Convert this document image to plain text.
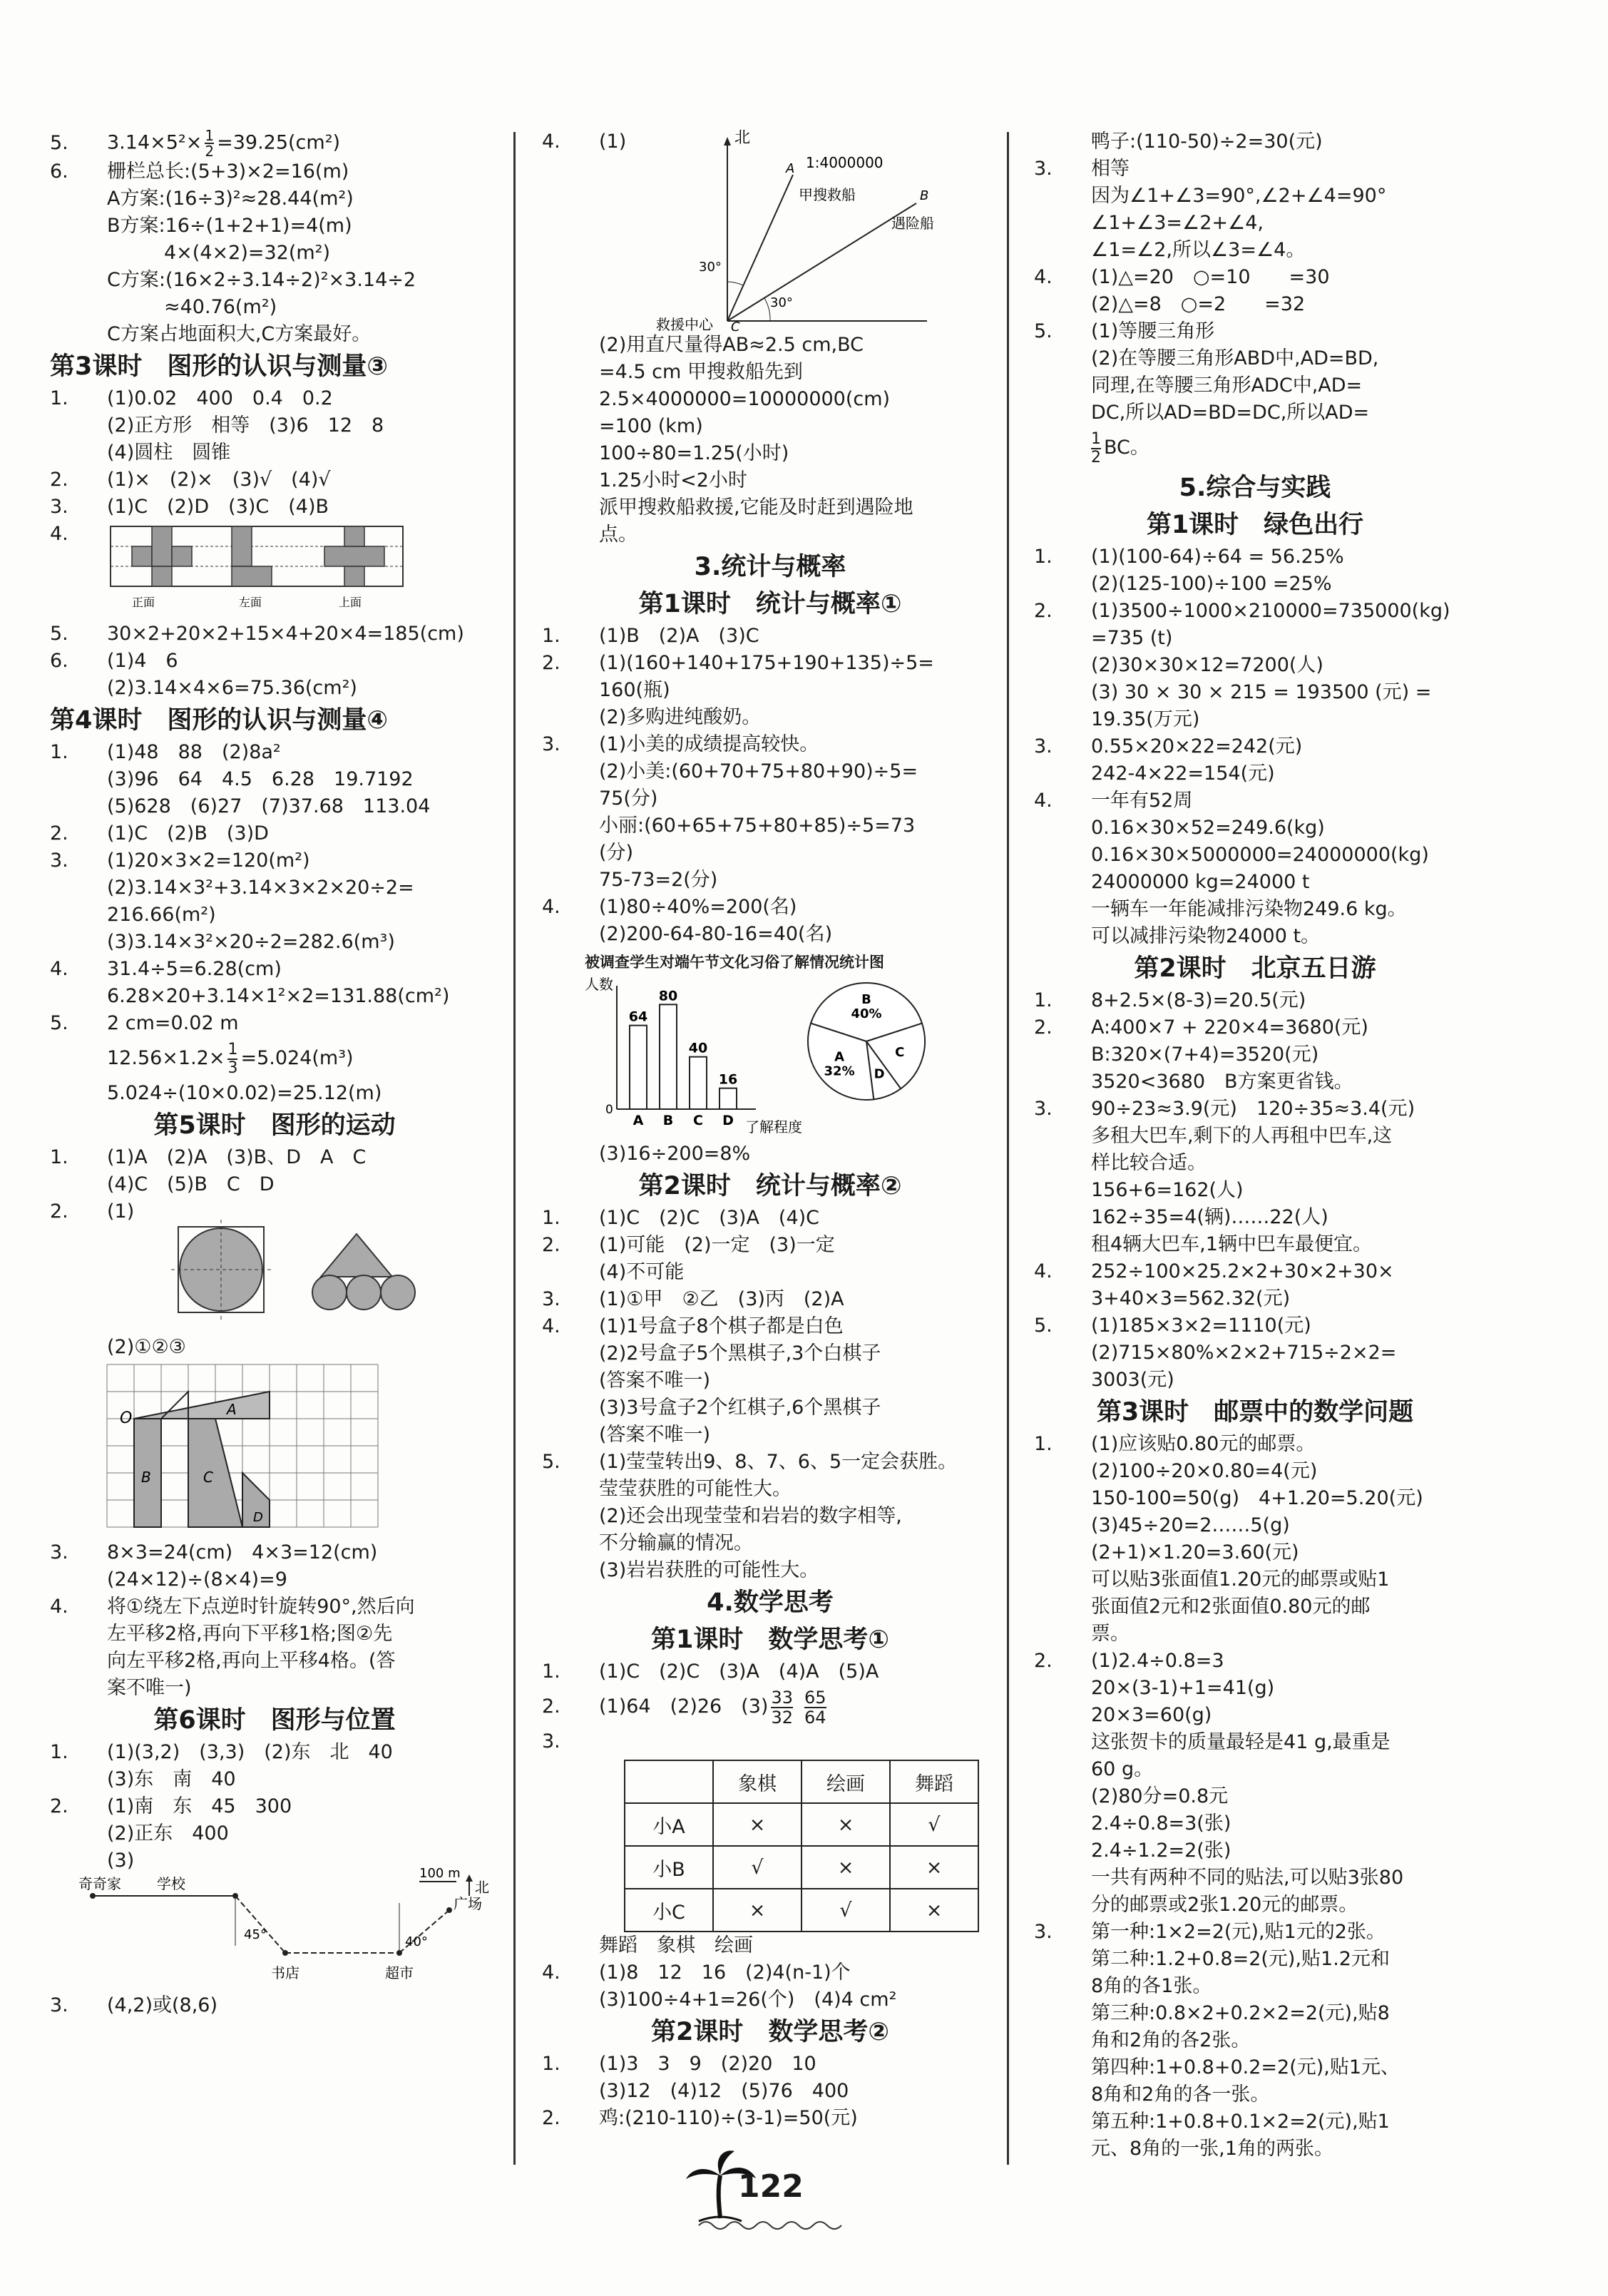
5. $3.14\times 5^2\times \frac{1}{2} =39.25(cm^2)$
6. 栅栏总长:(5+3)×2=16(m)
A方案:(16÷3)²≈28.44(m²)
B方案:16÷(1+2+1)=4(m)
4×(4×2)=32(m²)
C方案:(16×2÷3.14÷2)²×3.14÷2
≈40.76(m²)
C方案占地面积大,C方案最好。
第3课时　图形的认识与测量③
1. (1)0.02　400　0.4　0.2
(2)正方形　相等　(3)6　12　8
(4)圆柱　圆锥
2. (1)×　(2)×　(3)√　(4)√
3. (1)C　(2)D　(3)C　(4)B
4.
正面	左面	上面
5. 30×2+20×2+15×4+20×4=185(cm)
6. (1)4　6
(2)3.14×4×6=75.36(cm²)
第4课时　图形的认识与测量④
1. (1)48　88　(2)8a²
(3)96　64　4.5　6.28　19.7192
(5)628　(6)27　(7)37.68　113.04
2. (1)C　(2)B　(3)D
3. (1)20×3×2=120(m²)
(2)3.14×3²+3.14×3×2×20÷2=
216.66(m²)
(3)3.14×3²×20÷2=282.6(m³)
4. 31.4÷5=6.28(cm)
6.28×20+3.14×1²×2=131.88(cm²)
5. 2 cm=0.02 m
$12.56\times 1.2\times \frac{1}{3} =5.024(m^3)$
5.024÷(10×0.02)=25.12(m)
第5课时　图形的运动
1. (1)A　(2)A　(3)B、D　A　C
(4)C　(5)B　C　D
2. (1)
(2)①②③
O	A
B	C
D
3. 8×3=24(cm)　4×3=12(cm)
(24×12)÷(8×4)=9
4. 将①绕左下点逆时针旋转90°,然后向
左平移2格,再向下平移1格;图②先
向左平移2格,再向上平移4格。(答
案不唯一)
第6课时　图形与位置
1. (1)(3,2)　(3,3)　(2)东　北　40
(3)东　南　40
2. (1)南　东　45　300
(2)正东　400
(3)
奇奇家	学校
100 m
北
广场
45°	40°
书店	超市
3. (4,2)或(8,6)
4. (1)	北
1:4000000
A
B
C
甲搜救船
遇险船
30°
30°
救援中心
(2)用直尺量得AB≈2.5 cm,BC
=4.5 cm 甲搜救船先到
2.5×4000000=10000000(cm)
=100 (km)
100÷80=1.25(小时)
1.25小时<2小时
派甲搜救船救援,它能及时赶到遇险地
点。
3.统计与概率
第1课时　统计与概率①
1. (1)B　(2)A　(3)C
2. (1)(160+140+175+190+135)÷5=
160(瓶)
(2)多购进纯酸奶。
3. (1)小美的成绩提高较快。
(2)小美:(60+70+75+80+90)÷5=
75(分)
小丽:(60+65+75+80+85)÷5=73
(分)
75-73=2(分)
4. (1)80÷40%=200(名)
(2)200-64-80-16=40(名)
被调查学生对端午节文化习俗了解情况统计图
人数
了解程度
64
A
80
B
40
C
16
D
0
B
40%
C
D
A
32%
(3)16÷200=8%
第2课时　统计与概率②
1. (1)C　(2)C　(3)A　(4)C
2. (1)可能　(2)一定　(3)一定
(4)不可能
3. (1)①甲　②乙　(3)丙　(2)A
4. (1)1号盒子8个棋子都是白色
(2)2号盒子5个黑棋子,3个白棋子
(答案不唯一)
(3)3号盒子2个红棋子,6个黑棋子
(答案不唯一)
5. (1)莹莹转出9、8、7、6、5一定会获胜。
莹莹获胜的可能性大。
(2)还会出现莹莹和岩岩的数字相等,
不分输赢的情况。
(3)岩岩获胜的可能性大。
4.数学思考
第1课时　数学思考①
1. (1)C　(2)C　(3)A　(4)A　(5)A
2. (1)64　(2)26　$(3) \frac{33}{32} \frac{65}{64}$
3.
	象棋	绘画	舞蹈
小A	×	×	√
小B	√	×	×
小C	×	√	×
舞蹈　象棋　绘画
4. (1)8　12　16　(2)4(n-1)个
(3)100÷4+1=26(个)　(4)4 cm²
第2课时　数学思考②
1. (1)3　3　9　(2)20　10
(3)12　(4)12　(5)76　400
2. 鸡:(210-110)÷(3-1)=50(元)
鸭子:(110-50)÷2=30(元)
3. 相等
因为∠1+∠3=90°,∠2+∠4=90°
∠1+∠3=∠2+∠4,
∠1=∠2,所以∠3=∠4。
4. (1)△=20　○=10　　=30
(2)△=8　○=2　　=32
5. (1)等腰三角形
(2)在等腰三角形ABD中,AD=BD,
同理,在等腰三角形ADC中,AD=
DC,所以AD=BD=DC,所以AD=
$\frac{1}{2}$ BC。
5.综合与实践
第1课时　绿色出行
1. (1)(100-64)÷64 = 56.25%
(2)(125-100)÷100 =25%
2. (1)3500÷1000×210000=735000(kg)
=735 (t)
(2)30×30×12=7200(人)
(3) 30 × 30 × 215 = 193500 (元) =
19.35(万元)
3. 0.55×20×22=242(元)
242-4×22=154(元)
4. 一年有52周
0.16×30×52=249.6(kg)
0.16×30×5000000=24000000(kg)
24000000 kg=24000 t
一辆车一年能减排污染物249.6 kg。
可以减排污染物24000 t。
第2课时　北京五日游
1. 8+2.5×(8-3)=20.5(元)
2. A:400×7 + 220×4=3680(元)
B:320×(7+4)=3520(元)
3520<3680　B方案更省钱。
3. 90÷23≈3.9(元)　120÷35≈3.4(元)
多租大巴车,剩下的人再租中巴车,这
样比较合适。
156+6=162(人)
162÷35=4(辆)……22(人)
租4辆大巴车,1辆中巴车最便宜。
4. 252÷100×25.2×2+30×2+30×
3+40×3=562.32(元)
5. (1)185×3×2=1110(元)
(2)715×80%×2×2+715÷2×2=
3003(元)
第3课时　邮票中的数学问题
1. (1)应该贴0.80元的邮票。
(2)100÷20×0.80=4(元)
150-100=50(g)　4+1.20=5.20(元)
(3)45÷20=2……5(g)
(2+1)×1.20=3.60(元)
可以贴3张面值1.20元的邮票或贴1
张面值2元和2张面值0.80元的邮
票。
2. (1)2.4÷0.8=3
20×(3-1)+1=41(g)
20×3=60(g)
这张贺卡的质量最轻是41 g,最重是
60 g。
(2)80分=0.8元
2.4÷0.8=3(张)
2.4÷1.2=2(张)
一共有两种不同的贴法,可以贴3张80
分的邮票或2张1.20元的邮票。
3. 第一种:1×2=2(元),贴1元的2张。
第二种:1.2+0.8=2(元),贴1.2元和
8角的各1张。
第三种:0.8×2+0.2×2=2(元),贴8
角和2角的各2张。
第四种:1+0.8+0.2=2(元),贴1元、
8角和2角的各一张。
第五种:1+0.8+0.1×2=2(元),贴1
元、8角的一张,1角的两张。
122
